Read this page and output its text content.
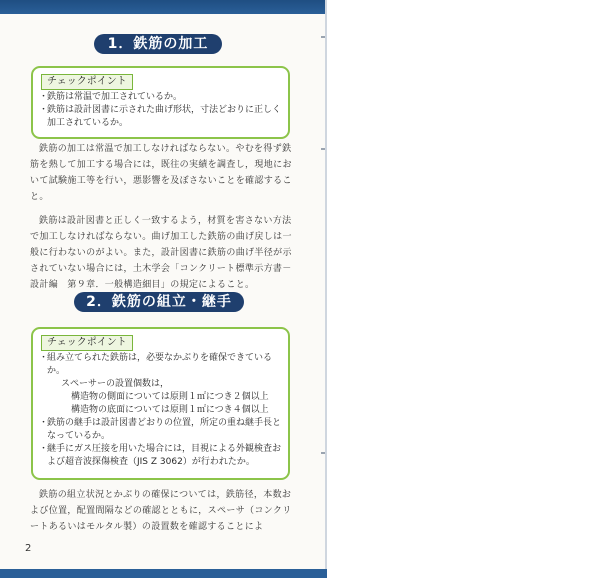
1．鉄筋の加工
チェックポイント
・
鉄筋は常温で加工されているか。
・
鉄筋は設計図書に示された曲げ形状，寸法どおりに正しく加工されているか。
鉄筋の加工は常温で加工しなければならない。やむを得ず鉄筋を熱して加工する場合には，既往の実績を調査し，現地において試験施工等を行い，悪影響を及ぼさないことを確認すること。
鉄筋は設計図書と正しく一致するよう，材質を害さない方法で加工しなければならない。曲げ加工した鉄筋の曲げ戻しは一般に行わないのがよい。また，設計図書に鉄筋の曲げ半径が示されていない場合には，土木学会「コンクリート標準示方書－設計編　第９章．一般構造細目」の規定によること。
2．鉄筋の組立・継手
チェックポイント
・
組み立てられた鉄筋は，必要なかぶりを確保できているか。
スペーサーの設置個数は，
構造物の側面については原則１㎡につき２個以上
構造物の底面については原則１㎡につき４個以上
・
鉄筋の継手は設計図書どおりの位置，所定の重ね継手長となっているか。
・
継手にガス圧接を用いた場合には，目視による外観検査および超音波探傷検査（JIS Z 3062）が行われたか。
鉄筋の組立状況とかぶりの確保については，鉄筋径，本数および位置，配置間隔などの確認とともに，スペーサ（コンクリートあるいはモルタル製）の設置数を確認することによ
2
